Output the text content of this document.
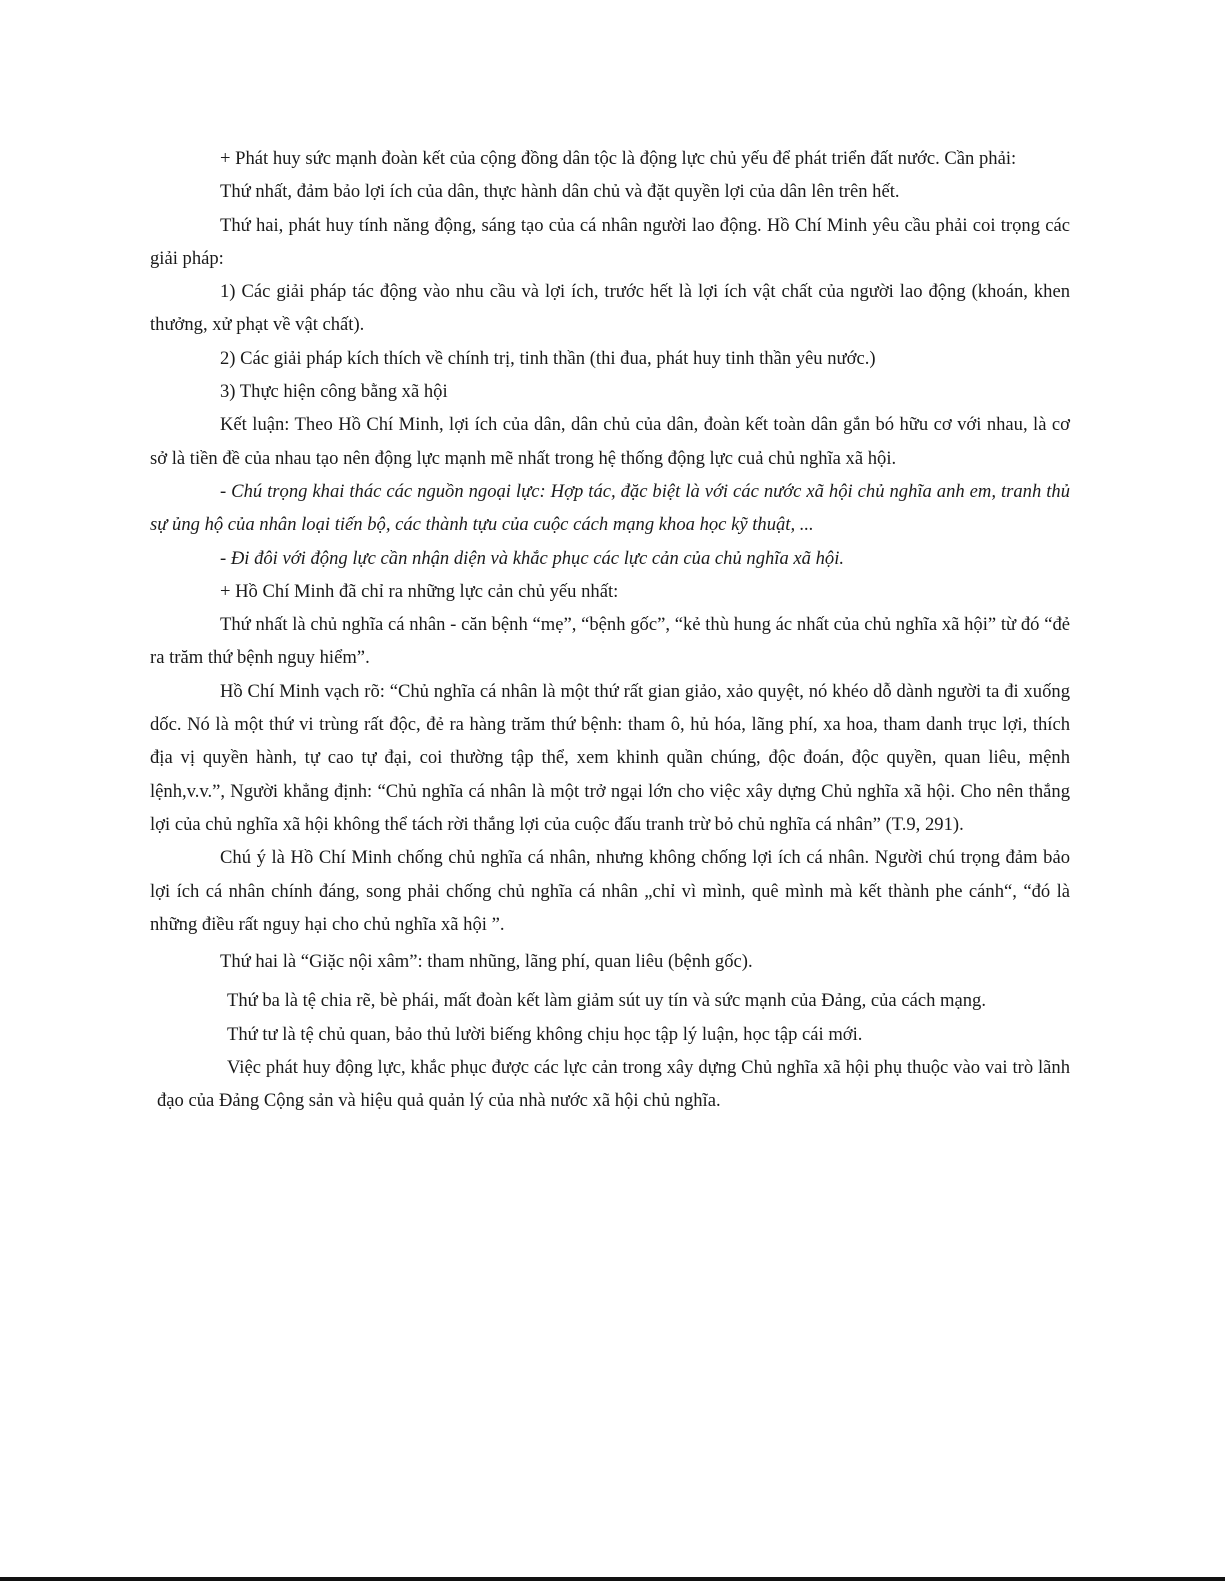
+ Phát huy sức mạnh đoàn kết của cộng đồng dân tộc là động lực chủ yếu để phát triển đất nước. Cần phải:

Thứ nhất, đảm bảo lợi ích của dân, thực hành dân chủ và đặt quyền lợi của dân lên trên hết.

Thứ hai, phát huy tính năng động, sáng tạo của cá nhân người lao động. Hồ Chí Minh yêu cầu phải coi trọng các giải pháp:

1) Các giải pháp tác động vào nhu cầu và lợi ích, trước hết là lợi ích vật chất của người lao động (khoán, khen thưởng, xử phạt về vật chất).

2) Các giải pháp kích thích về chính trị, tinh thần (thi đua, phát huy tinh thần yêu nước.)

3) Thực hiện công bằng xã hội

Kết luận: Theo Hồ Chí Minh, lợi ích của dân, dân chủ của dân, đoàn kết toàn dân gắn bó hữu cơ với nhau, là cơ sở là tiền đề của nhau tạo nên động lực mạnh mẽ nhất trong hệ thống động lực cuả chủ nghĩa xã hội.

- Chú trọng khai thác các nguồn ngoại lực: Hợp tác, đặc biệt là với các nước xã hội chủ nghĩa anh em, tranh thủ sự ủng hộ của nhân loại tiến bộ, các thành tựu của cuộc cách mạng khoa học kỹ thuật, ...

- Đi đôi với động lực cần nhận diện và khắc phục các lực cản của chủ nghĩa xã hội.

+ Hồ Chí Minh đã chỉ ra những lực cản chủ yếu nhất:

Thứ nhất là chủ nghĩa cá nhân - căn bệnh “mẹ”, “bệnh gốc”, “kẻ thù hung ác nhất của chủ nghĩa xã hội” từ đó “đẻ ra trăm thứ bệnh nguy hiểm”.

Hồ Chí Minh vạch rõ: “Chủ nghĩa cá nhân là một thứ rất gian giảo, xảo quyệt, nó khéo dỗ dành người ta đi xuống dốc. Nó là một thứ vi trùng rất độc, đẻ ra hàng trăm thứ bệnh: tham ô, hủ hóa, lãng phí, xa hoa, tham danh trục lợi, thích địa vị quyền hành, tự cao tự đại, coi thường tập thể, xem khinh quần chúng, độc đoán, độc quyền, quan liêu, mệnh lệnh,v.v.”, Người khẳng định: “Chủ nghĩa cá nhân là một trở ngại lớn cho việc xây dựng Chủ nghĩa xã hội. Cho nên thắng lợi của chủ nghĩa xã hội không thể tách rời thắng lợi của cuộc đấu tranh trừ bỏ chủ nghĩa cá nhân” (T.9, 291).

Chú ý là Hồ Chí Minh chống chủ nghĩa cá nhân, nhưng không chống lợi ích cá nhân. Người chú trọng đảm bảo lợi ích cá nhân chính đáng, song phải chống chủ nghĩa cá nhân „chỉ vì mình, quê mình mà kết thành phe cánh“, “đó là những điều rất nguy hại cho chủ nghĩa xã hội ”.

Thứ hai là “Giặc nội xâm”: tham nhũng, lãng phí, quan liêu (bệnh gốc).

Thứ ba là tệ chia rẽ, bè phái, mất đoàn kết làm giảm sút uy tín và sức mạnh của Đảng, của cách mạng.

Thứ tư là tệ chủ quan, bảo thủ lười biếng không chịu học tập lý luận, học tập cái mới.

Việc phát huy động lực, khắc phục được các lực cản trong xây dựng Chủ nghĩa xã hội phụ thuộc vào vai trò lãnh đạo của Đảng Cộng sản và hiệu quả quản lý của nhà nước xã hội chủ nghĩa.
